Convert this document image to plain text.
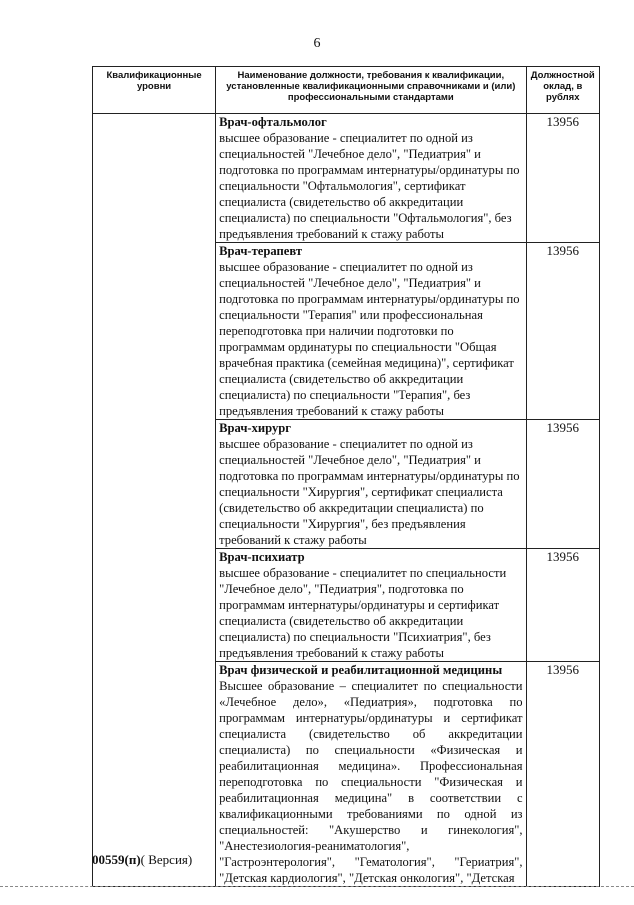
6
Квалификационные уровни	Наименование должности, требования к квалификации, установленные квалификационными справочниками и (или) профессиональными стандартами	Должностной оклад, в рублях

	Врач-офтальмолог
высшее образование - специалитет по одной из специальностей "Лечебное дело", "Педиатрия" и подготовка по программам интернатуры/ординатуры по специальности "Офтальмология", сертификат специалиста (свидетельство об аккредитации специалиста) по специальности "Офтальмология", без предъявления требований к стажу работы	13956

	Врач-терапевт
высшее образование - специалитет по одной из специальностей "Лечебное дело", "Педиатрия" и подготовка по программам интернатуры/ординатуры по специальности "Терапия" или профессиональная переподготовка при наличии подготовки по программам ординатуры по специальности "Общая врачебная практика (семейная медицина)", сертификат специалиста (свидетельство об аккредитации специалиста) по специальности "Терапия", без предъявления требований к стажу работы	13956

	Врач-хирург
высшее образование - специалитет по одной из специальностей "Лечебное дело", "Педиатрия" и подготовка по программам интернатуры/ординатуры по специальности "Хирургия", сертификат специалиста (свидетельство об аккредитации специалиста) по специальности "Хирургия", без предъявления требований к стажу работы	13956

	Врач-психиатр
высшее образование - специалитет по специальности "Лечебное дело", "Педиатрия", подготовка по программам интернатуры/ординатуры и сертификат специалиста (свидетельство об аккредитации специалиста) по специальности "Психиатрия", без предъявления требований к стажу работы	13956

	Врач физической и реабилитационной медицины
Высшее образование – специалитет по специальности «Лечебное дело», «Педиатрия», подготовка по программам интернатуры/ординатуры и сертификат специалиста (свидетельство об аккредитации специалиста) по специальности «Физическая и реабилитационная медицина». Профессиональная переподготовка по специальности "Физическая и реабилитационная медицина" в соответствии с квалификационными требованиями по одной из специальностей: "Акушерство и гинекология", "Анестезиология-реаниматология", "Гастроэнтерология", "Гематология", "Гериатрия", "Детская кардиология", "Детская онкология", "Детская	13956
00559(п)( Версия)
